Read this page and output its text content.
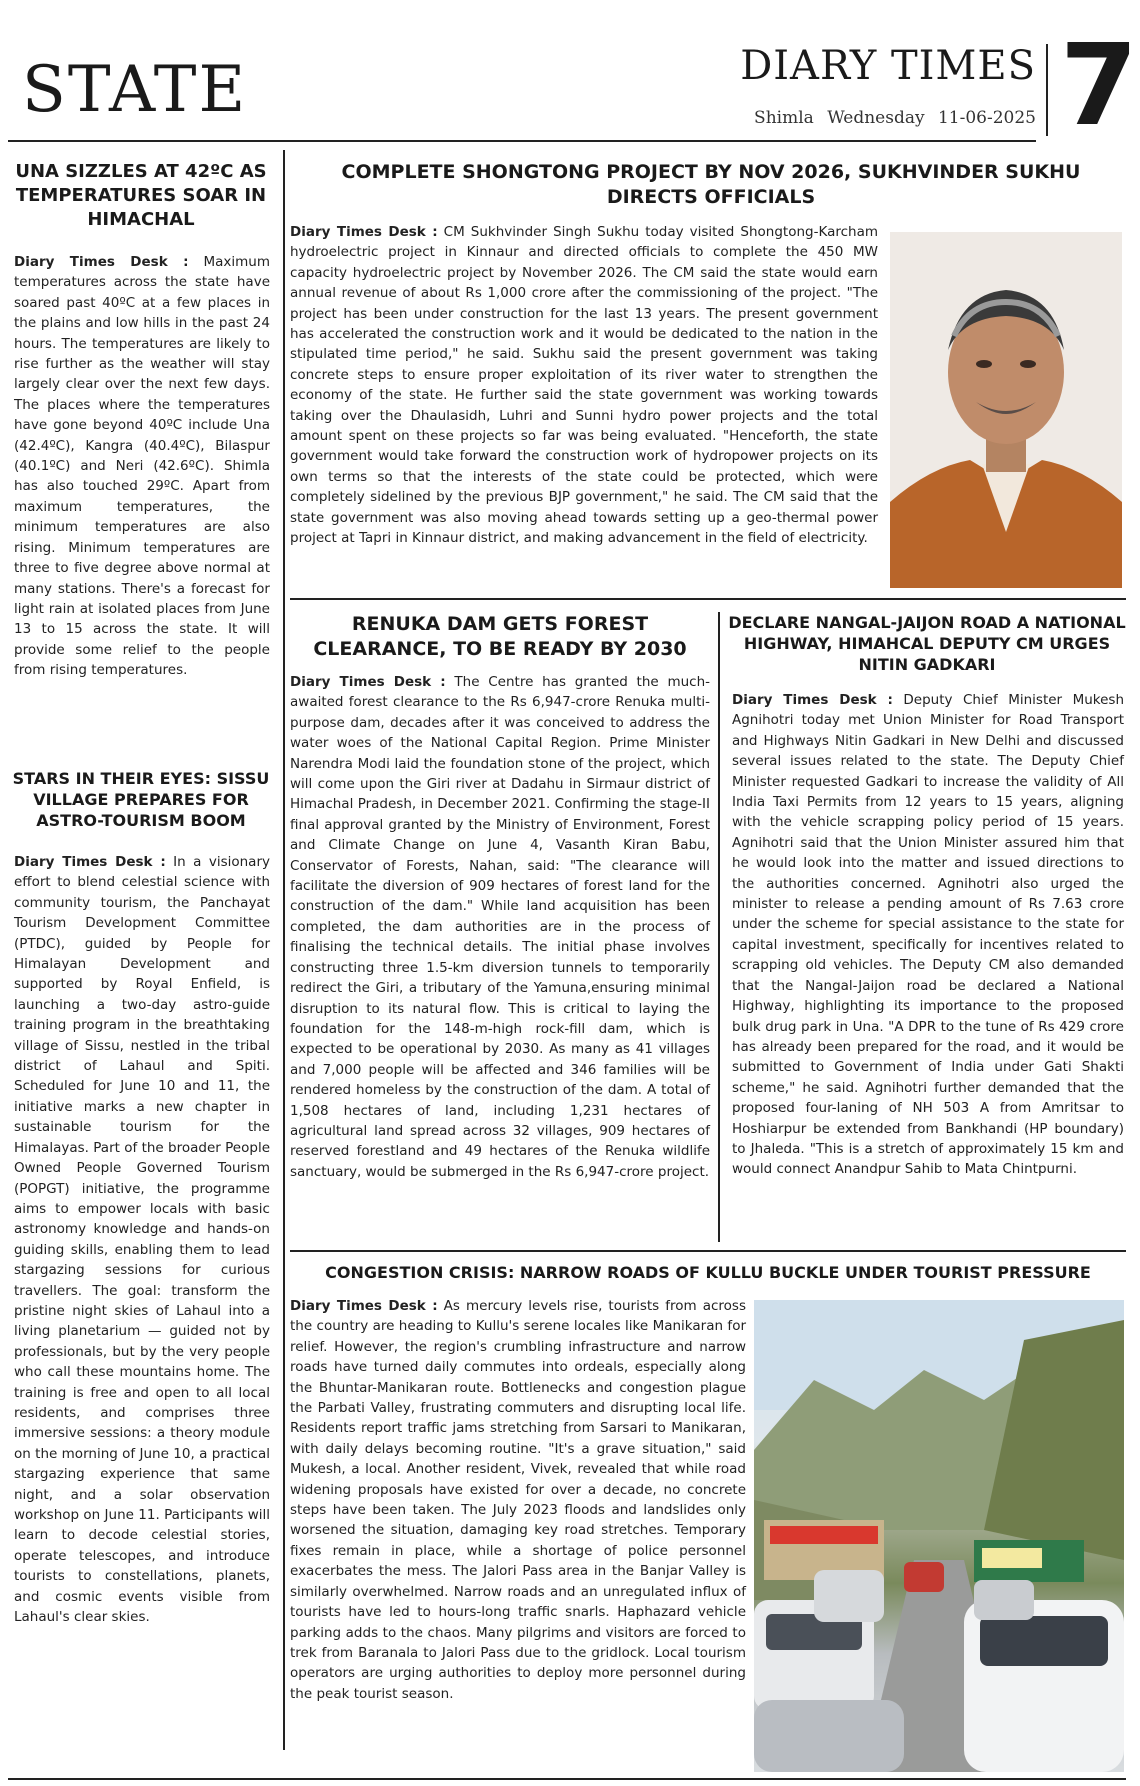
STATE	DIARY TIMES
Shimla Wednesday 11-06-2025 7
UNA SIZZLES AT 42ºC AS TEMPERATURES SOAR IN HIMACHAL
Diary Times Desk : Maximum temperatures across the state have soared past 40ºC at a few places in the plains and low hills in the past 24 hours. The temperatures are likely to rise further as the weather will stay largely clear over the next few days. The places where the temperatures have gone beyond 40ºC include Una (42.4ºC), Kangra (40.4ºC), Bilaspur (40.1ºC) and Neri (42.6ºC). Shimla has also touched 29ºC. Apart from maximum temperatures, the minimum temperatures are also rising. Minimum temperatures are three to five degree above normal at many stations. There's a forecast for light rain at isolated places from June 13 to 15 across the state. It will provide some relief to the people from rising temperatures.
STARS IN THEIR EYES: SISSU VILLAGE PREPARES FOR ASTRO-TOURISM BOOM
Diary Times Desk : In a visionary effort to blend celestial science with community tourism, the Panchayat Tourism Development Committee (PTDC), guided by People for Himalayan Development and supported by Royal Enfield, is launching a two-day astro-guide training program in the breathtaking village of Sissu, nestled in the tribal district of Lahaul and Spiti. Scheduled for June 10 and 11, the initiative marks a new chapter in sustainable tourism for the Himalayas. Part of the broader People Owned People Governed Tourism (POPGT) initiative, the programme aims to empower locals with basic astronomy knowledge and hands-on guiding skills, enabling them to lead stargazing sessions for curious travellers. The goal: transform the pristine night skies of Lahaul into a living planetarium — guided not by professionals, but by the very people who call these mountains home. The training is free and open to all local residents, and comprises three immersive sessions: a theory module on the morning of June 10, a practical stargazing experience that same night, and a solar observation workshop on June 11. Participants will learn to decode celestial stories, operate telescopes, and introduce tourists to constellations, planets, and cosmic events visible from Lahaul's clear skies.
COMPLETE SHONGTONG PROJECT BY NOV 2026, SUKHVINDER SUKHU DIRECTS OFFICIALS
Diary Times Desk : CM Sukhvinder Singh Sukhu today visited Shongtong-Karcham hydroelectric project in Kinnaur and directed officials to complete the 450 MW capacity hydroelectric project by November 2026. The CM said the state would earn annual revenue of about Rs 1,000 crore after the commissioning of the project. "The project has been under construction for the last 13 years. The present government has accelerated the construction work and it would be dedicated to the nation in the stipulated time period," he said. Sukhu said the present government was taking concrete steps to ensure proper exploitation of its river water to strengthen the economy of the state. He further said the state government was working towards taking over the Dhaulasidh, Luhri and Sunni hydro power projects and the total amount spent on these projects so far was being evaluated. "Henceforth, the state government would take forward the construction work of hydropower projects on its own terms so that the interests of the state could be protected, which were completely sidelined by the previous BJP government," he said. The CM said that the state government was also moving ahead towards setting up a geo-thermal power project at Tapri in Kinnaur district, and making advancement in the field of electricity.
RENUKA DAM GETS FOREST CLEARANCE, TO BE READY BY 2030
Diary Times Desk : The Centre has granted the much-awaited forest clearance to the Rs 6,947-crore Renuka multi-purpose dam, decades after it was conceived to address the water woes of the National Capital Region. Prime Minister Narendra Modi laid the foundation stone of the project, which will come upon the Giri river at Dadahu in Sirmaur district of Himachal Pradesh, in December 2021. Confirming the stage-II final approval granted by the Ministry of Environment, Forest and Climate Change on June 4, Vasanth Kiran Babu, Conservator of Forests, Nahan, said: "The clearance will facilitate the diversion of 909 hectares of forest land for the construction of the dam." While land acquisition has been completed, the dam authorities are in the process of finalising the technical details. The initial phase involves constructing three 1.5-km diversion tunnels to temporarily redirect the Giri, a tributary of the Yamuna,ensuring minimal disruption to its natural flow. This is critical to laying the foundation for the 148-m-high rock-fill dam, which is expected to be operational by 2030. As many as 41 villages and 7,000 people will be affected and 346 families will be rendered homeless by the construction of the dam. A total of 1,508 hectares of land, including 1,231 hectares of agricultural land spread across 32 villages, 909 hectares of reserved forestland and 49 hectares of the Renuka wildlife sanctuary, would be submerged in the Rs 6,947-crore project.
DECLARE NANGAL-JAIJON ROAD A NATIONAL HIGHWAY, HIMAHCAL DEPUTY CM URGES NITIN GADKARI
Diary Times Desk : Deputy Chief Minister Mukesh Agnihotri today met Union Minister for Road Transport and Highways Nitin Gadkari in New Delhi and discussed several issues related to the state. The Deputy Chief Minister requested Gadkari to increase the validity of All India Taxi Permits from 12 years to 15 years, aligning with the vehicle scrapping policy period of 15 years. Agnihotri said that the Union Minister assured him that he would look into the matter and issued directions to the authorities concerned. Agnihotri also urged the minister to release a pending amount of Rs 7.63 crore under the scheme for special assistance to the state for capital investment, specifically for incentives related to scrapping old vehicles. The Deputy CM also demanded that the Nangal-Jaijon road be declared a National Highway, highlighting its importance to the proposed bulk drug park in Una. "A DPR to the tune of Rs 429 crore has already been prepared for the road, and it would be submitted to Government of India under Gati Shakti scheme," he said. Agnihotri further demanded that the proposed four-laning of NH 503 A from Amritsar to Hoshiarpur be extended from Bankhandi (HP boundary) to Jhaleda. "This is a stretch of approximately 15 km and would connect Anandpur Sahib to Mata Chintpurni.
CONGESTION CRISIS: NARROW ROADS OF KULLU BUCKLE UNDER TOURIST PRESSURE
Diary Times Desk : As mercury levels rise, tourists from across the country are heading to Kullu's serene locales like Manikaran for relief. However, the region's crumbling infrastructure and narrow roads have turned daily commutes into ordeals, especially along the Bhuntar-Manikaran route. Bottlenecks and congestion plague the Parbati Valley, frustrating commuters and disrupting local life. Residents report traffic jams stretching from Sarsari to Manikaran, with daily delays becoming routine. "It's a grave situation," said Mukesh, a local. Another resident, Vivek, revealed that while road widening proposals have existed for over a decade, no concrete steps have been taken. The July 2023 floods and landslides only worsened the situation, damaging key road stretches. Temporary fixes remain in place, while a shortage of police personnel exacerbates the mess. The Jalori Pass area in the Banjar Valley is similarly overwhelmed. Narrow roads and an unregulated influx of tourists have led to hours-long traffic snarls. Haphazard vehicle parking adds to the chaos. Many pilgrims and visitors are forced to trek from Baranala to Jalori Pass due to the gridlock. Local tourism operators are urging authorities to deploy more personnel during the peak tourist season.
